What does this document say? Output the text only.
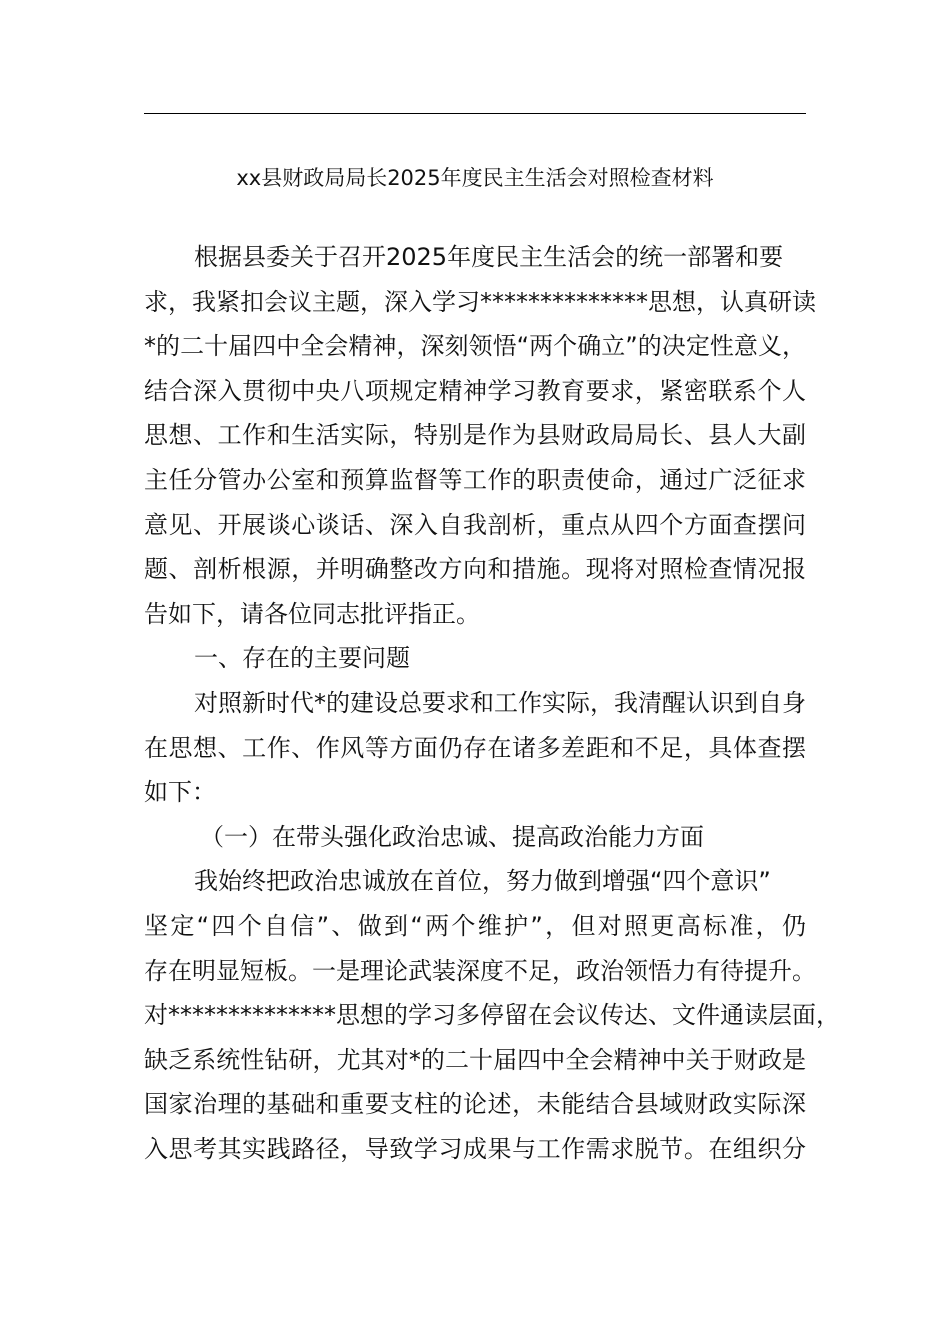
xx县财政局局长2025年度民主生活会对照检查材料
根据县委关于召开2025年度民主生活会的统一部署和要
求，我紧扣会议主题，深入学习**************思想，认真研读
*的二十届四中全会精神，深刻领悟“两个确立”的决定性意义，
结合深入贯彻中央八项规定精神学习教育要求，紧密联系个人
思想、工作和生活实际，特别是作为县财政局局长、县人大副
主任分管办公室和预算监督等工作的职责使命，通过广泛征求
意见、开展谈心谈话、深入自我剖析，重点从四个方面查摆问
题、剖析根源，并明确整改方向和措施。现将对照检查情况报
告如下，请各位同志批评指正。
一、存在的主要问题
对照新时代*的建设总要求和工作实际，我清醒认识到自身
在思想、工作、作风等方面仍存在诸多差距和不足，具体查摆
如下：
（一）在带头强化政治忠诚、提高政治能力方面
我始终把政治忠诚放在首位，努力做到增强“四个意识”
坚定“四个自信”、做到“两个维护”，但对照更高标准，仍
存在明显短板。一是理论武装深度不足，政治领悟力有待提升。
对**************思想的学习多停留在会议传达、文件通读层面，
缺乏系统性钻研，尤其对*的二十届四中全会精神中关于财政是
国家治理的基础和重要支柱的论述，未能结合县域财政实际深
入思考其实践路径，导致学习成果与工作需求脱节。在组织分
